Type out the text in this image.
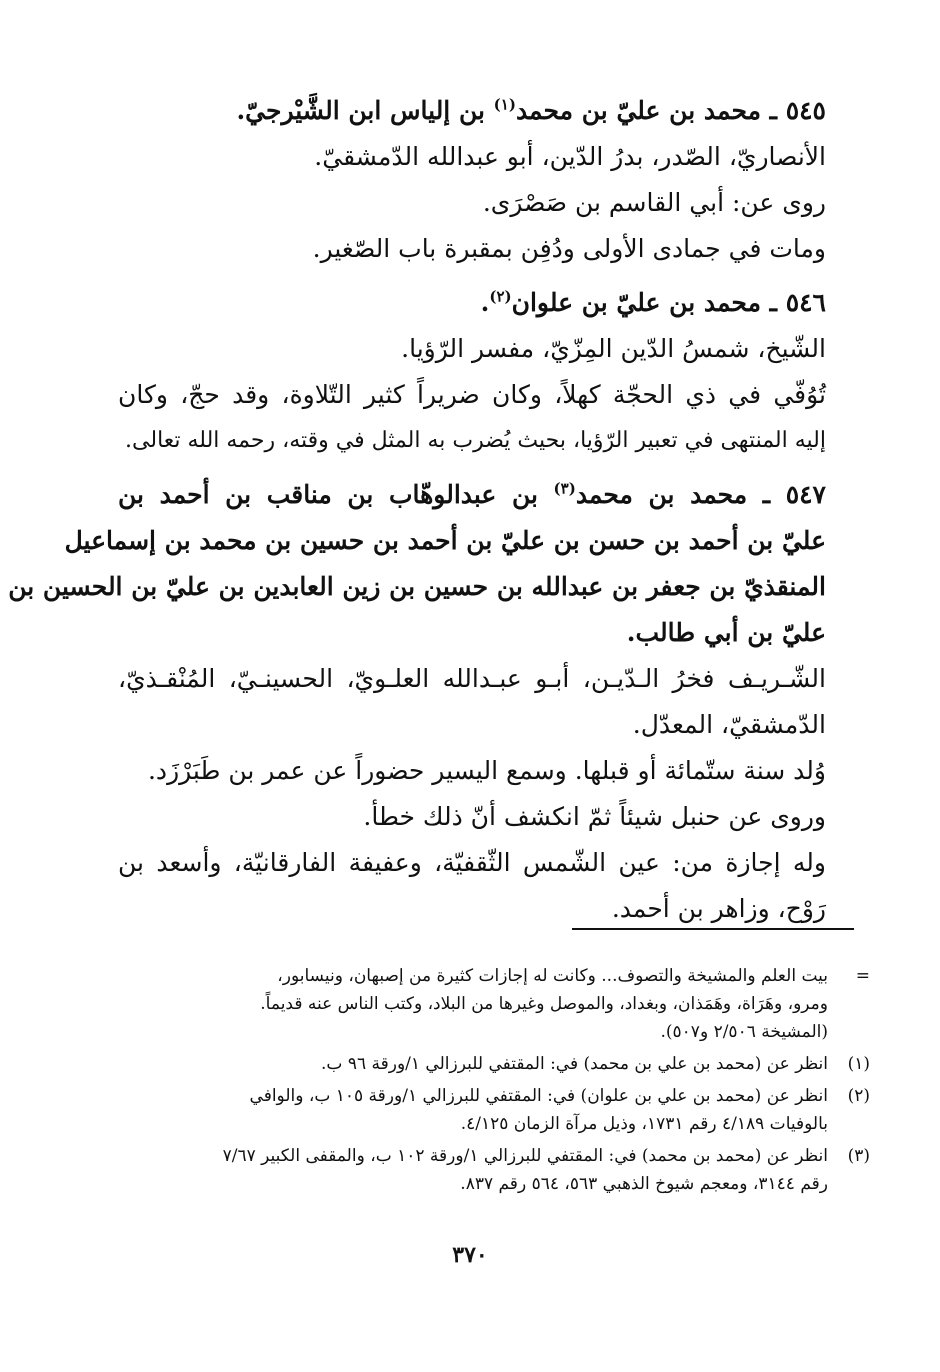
٥٤٥ ـ محمد بن عليّ بن محمد$^{(١)}$ بن إلياس ابن الشَّيْرجيّ.
الأنصاريّ، الصّدر، بدرُ الدّين، أبو عبدالله الدّمشقيّ.
روى عن: أبي القاسم بن صَصْرَى.
ومات في جمادى الأولى ودُفِن بمقبرة باب الصّغير.
٥٤٦ ـ محمد بن عليّ بن علوان$^{(٢)}$.
الشّيخ، شمسُ الدّين المِزّيّ، مفسر الرّؤيا.
تُوُفّي في ذي الحجّة كهلاً، وكان ضريراً كثير التّلاوة، وقد حجّ، وكان
إليه المنتهى في تعبير الرّؤيا، بحيث يُضرب به المثل في وقته، رحمه الله تعالى.
٥٤٧ ـ محمد بن محمد$^{(٣)}$ بن عبدالوهّاب بن مناقب بن أحمد بن
عليّ بن أحمد بن حسن بن عليّ بن أحمد بن حسين بن محمد بن إسماعيل
المنقذيّ بن جعفر بن عبدالله بن حسين بن زين العابدين بن عليّ بن الحسين بن
عليّ بن أبي طالب.
الشّـريـف فخرُ الـدّيـن، أبـو عبـدالله العلـويّ، الحسينـيّ، المُنْقـذيّ،
الدّمشقيّ، المعدّل.
وُلد سنة ستّمائة أو قبلها. وسمع اليسير حضوراً عن عمر بن طَبَرْزَد.
وروى عن حنبل شيئاً ثمّ انكشف أنّ ذلك خطأ.
وله إجازة من: عين الشّمس الثّقفيّة، وعفيفة الفارقانيّة، وأسعد بن
رَوْح، وزاهر بن أحمد.
=
بيت العلم والمشيخة والتصوف... وكانت له إجازات كثيرة من إصبهان، ونيسابور،
ومرو، وهَرَاة، وهَمَذان، وبغداد، والموصل وغيرها من البلاد، وكتب الناس عنه قديماً.
(المشيخة ٢/٥٠٦ و٥٠٧).
(١)
انظر عن (محمد بن علي بن محمد) في: المقتفي للبرزالي ١/ورقة ٩٦ ب.
(٢)
انظر عن (محمد بن علي بن علوان) في: المقتفي للبرزالي ١/ورقة ١٠٥ ب، والوافي
بالوفيات ٤/١٨٩ رقم ١٧٣١، وذيل مرآة الزمان ٤/١٢٥.
(٣)
انظر عن (محمد بن محمد) في: المقتفي للبرزالي ١/ورقة ١٠٢ ب، والمقفى الكبير ٧/٦٧
رقم ٣١٤٤، ومعجم شيوخ الذهبي ٥٦٣، ٥٦٤ رقم ٨٣٧.
٣٧٠
